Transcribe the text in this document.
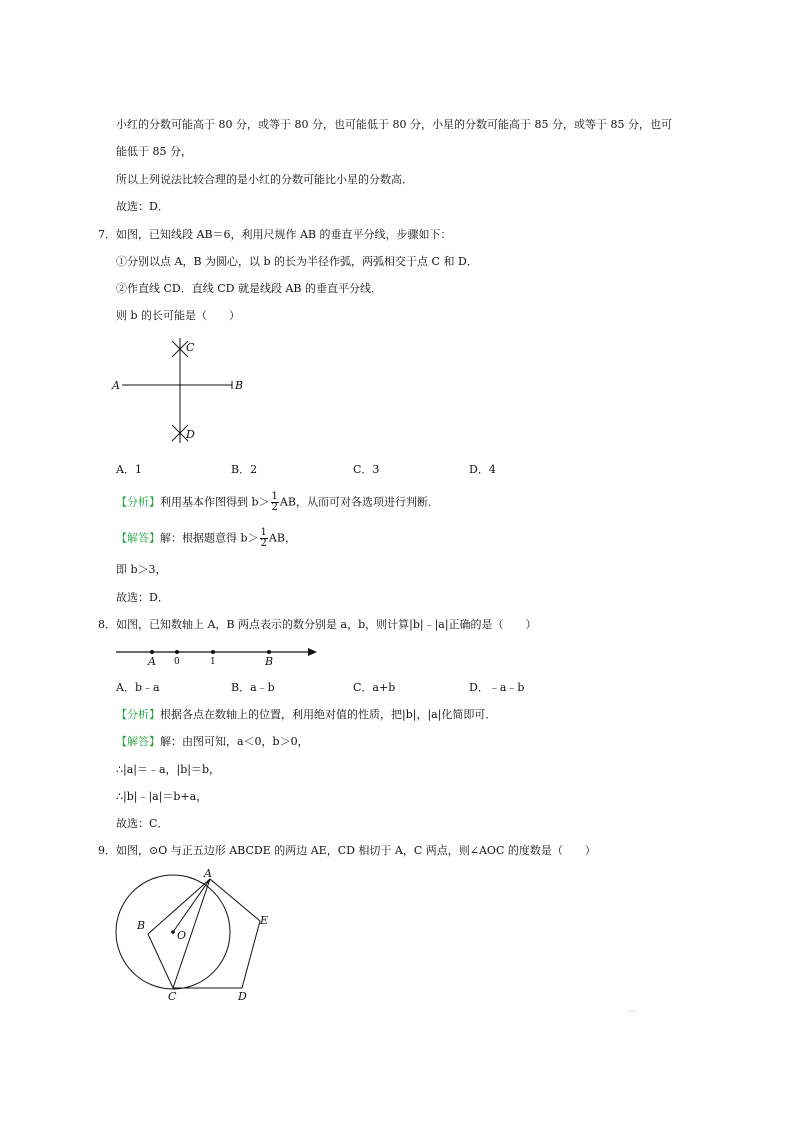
小红的分数可能高于 80 分，或等于 80 分，也可能低于 80 分，小星的分数可能高于 85 分，或等于 85 分，也可
能低于 85 分，
所以上列说法比较合理的是小红的分数可能比小星的分数高．
故选：D．
7．如图，已知线段 AB＝6，利用尺规作 AB 的垂直平分线，步骤如下：
①分别以点 A，B 为圆心，以 b 的长为半径作弧，两弧相交于点 C 和 D．
②作直线 CD．直线 CD 就是线段 AB 的垂直平分线．
则 b 的长可能是（　　）
A	B
C
D
A．1	B．2	C．3	D．4
【分析】利用基本作图得到 $b> \frac{1}{2}$ AB，从而可对各选项进行判断．
【解答】解：根据题意得 $b> \frac{1}{2}$ AB，
即 b＞3，
故选：D．
8．如图，已知数轴上 A，B 两点表示的数分别是 a，b，则计算|b|﹣|a|正确的是（　　）
A 0	1	B
A．b﹣a	B．a﹣b	C．a+b	D．﹣a﹣b
【分析】根据各点在数轴上的位置，利用绝对值的性质，把|b|，|a|化简即可．
【解答】解：由图可知，a＜0，b＞0，
∴|a|＝﹣a，|b|＝b，
∴|b|﹣|a|＝b+a，
故选：C．
9．如图，⊙O 与正五边形 ABCDE 的两边 AE，CD 相切于 A，C 两点，则∠AOC 的度数是（　　）
A
B
O
E
C	D
…
